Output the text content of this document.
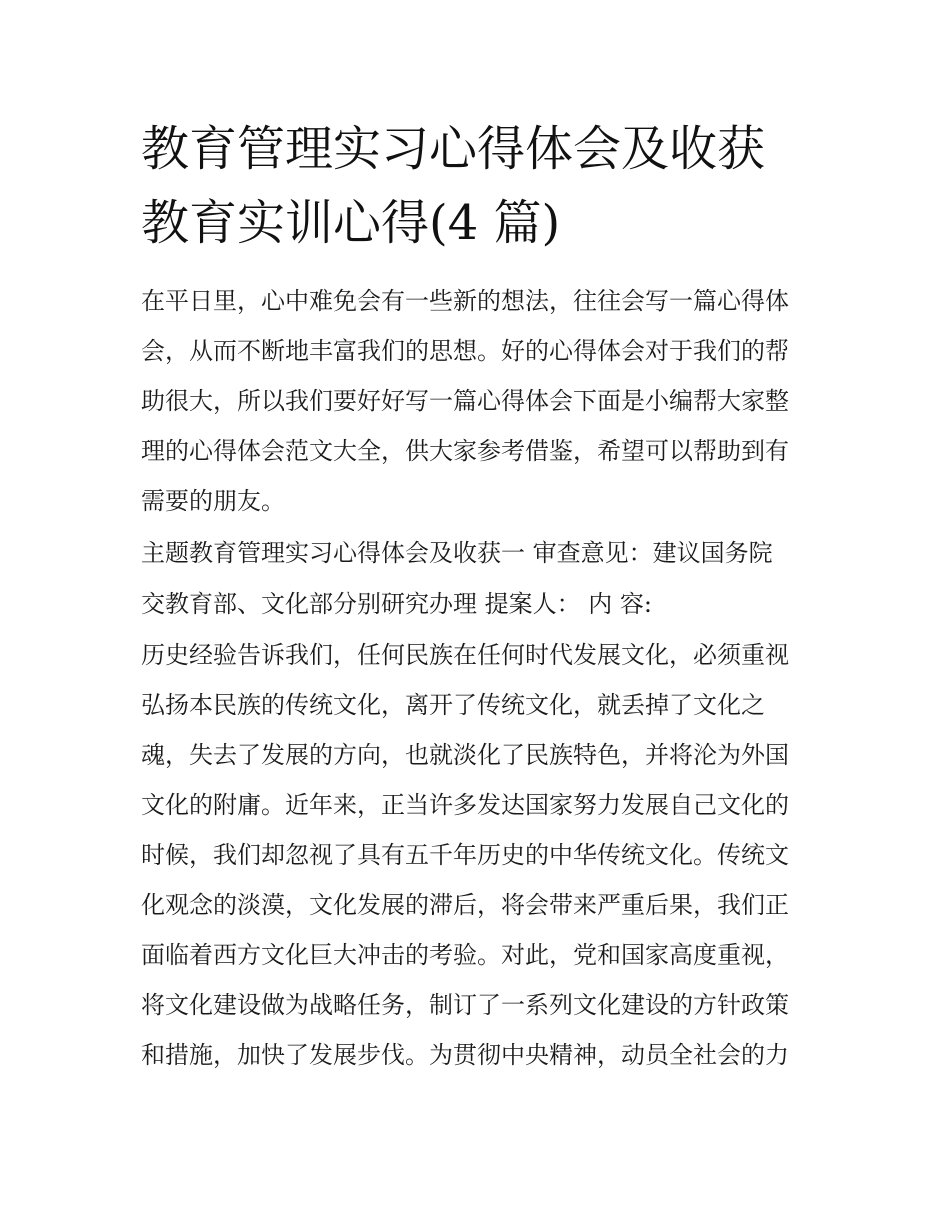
教育管理实习心得体会及收获
教育实训心得(4 篇)

在平日里，心中难免会有一些新的想法，往往会写一篇心得体

会，从而不断地丰富我们的思想。好的心得体会对于我们的帮

助很大，所以我们要好好写一篇心得体会下面是小编帮大家整

理的心得体会范文大全，供大家参考借鉴，希望可以帮助到有

需要的朋友。

主题教育管理实习心得体会及收获一 审查意见：建议国务院

交教育部、文化部分别研究办理 提案人： 内 容:

历史经验告诉我们，任何民族在任何时代发展文化，必须重视

弘扬本民族的传统文化，离开了传统文化，就丢掉了文化之

魂，失去了发展的方向，也就淡化了民族特色，并将沦为外国

文化的附庸。近年来，正当许多发达国家努力发展自己文化的

时候，我们却忽视了具有五千年历史的中华传统文化。传统文

化观念的淡漠，文化发展的滞后，将会带来严重后果，我们正

面临着西方文化巨大冲击的考验。对此，党和国家高度重视，

将文化建设做为战略任务，制订了一系列文化建设的方针政策

和措施，加快了发展步伐。为贯彻中央精神，动员全社会的力
